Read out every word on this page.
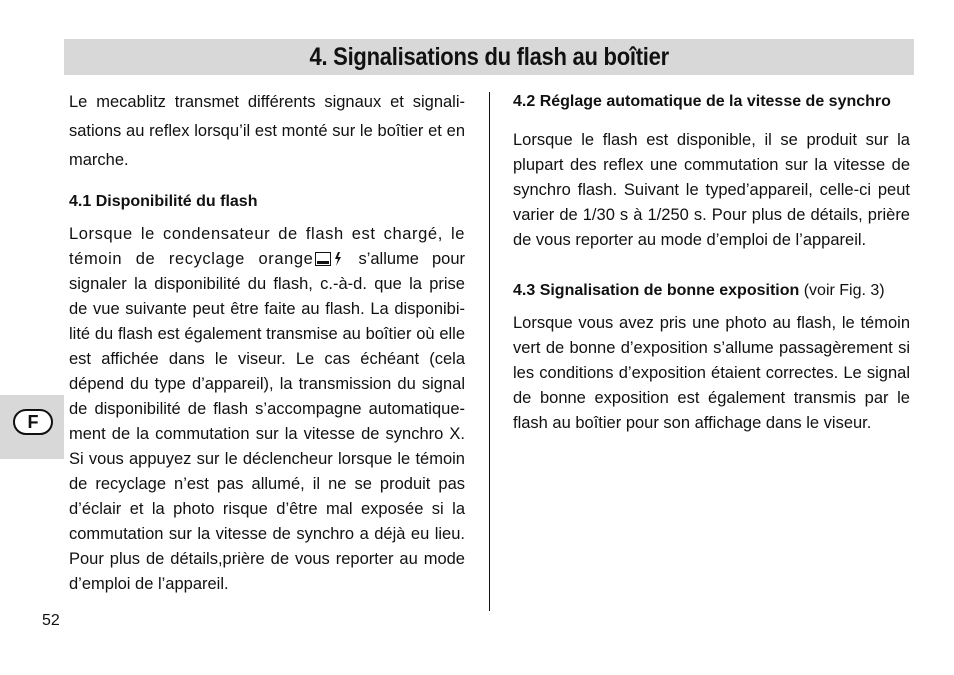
4. Signalisations du flash au boîtier

Le mecablitz transmet différents signaux et signali- sations au reflex lorsqu’il est monté sur le boîtier et en marche.

4.1 Disponibilité du flash

Lorsque le condensateur de flash est chargé, le témoin de recyclage orange	s’allume pour signaler la disponibilité du flash, c.-à-d. que la prise de vue suivante peut être faite au flash. La disponibi- lité du flash est également transmise au boîtier où elle est affichée dans le viseur. Le cas échéant (cela dépend du type d’appareil), la transmission du signal de disponibilité de flash s’accompagne automatique- ment de la commutation sur la vitesse de synchro X. Si vous appuyez sur le déclencheur lorsque le témoin de recyclage n’est pas allumé, il ne se produit pas d’éclair et la photo risque d’être mal exposée si la commutation sur la vitesse de synchro a déjà eu lieu. Pour plus de détails,prière de vous reporter au mode d’emploi de l’appareil.

4.2 Réglage automatique de la vitesse de synchro

Lorsque le flash est disponible, il se produit sur la plupart des reflex une commutation sur la vitesse de synchro flash. Suivant le typed’appareil, celle-ci peut varier de 1/30 s à 1/250 s. Pour plus de détails, prière de vous reporter au mode d’emploi de l’appareil.

4.3 Signalisation de bonne exposition (voir Fig. 3)

Lorsque vous avez pris une photo au flash, le témoin vert de bonne d’exposition s’allume passagèrement si les conditions d’exposition étaient correctes. Le signal de bonne exposition est également transmis par le flash au boîtier pour son affichage dans le viseur.

F
52
